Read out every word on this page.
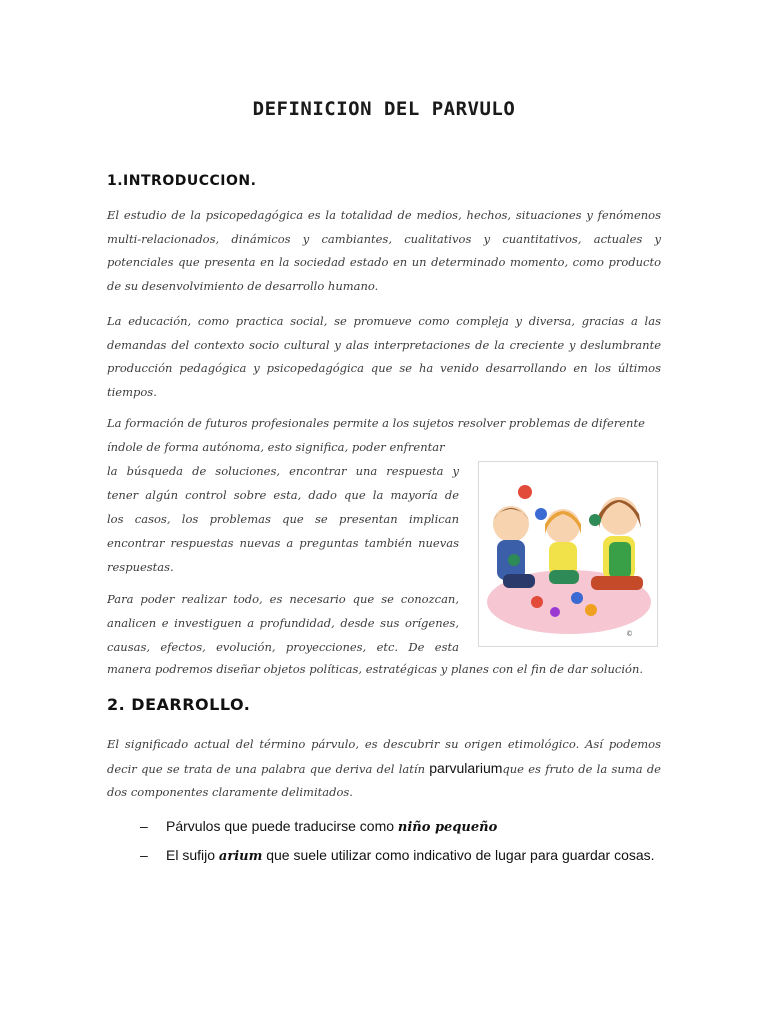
DEFINICION DEL PARVULO
1.INTRODUCCION.

El estudio de la psicopedagógica es la totalidad de medios, hechos, situaciones y fenómenos multi-relacionados, dinámicos y cambiantes, cualitativos y cuantitativos, actuales y potenciales que presenta en la sociedad estado en un determinado momento, como producto de su desenvolvimiento de desarrollo humano.

La educación, como practica social, se promueve como compleja y diversa, gracias a las demandas del contexto socio cultural y alas interpretaciones de la creciente y deslumbrante producción pedagógica y psicopedagógica que se ha venido desarrollando en los últimos tiempos.

La formación de futuros profesionales permite a los sujetos resolver problemas de diferente
índole de forma autónoma, esto significa, poder enfrentar
la búsqueda de soluciones, encontrar una respuesta y
tener algún control sobre esta, dado que la mayoría de
los casos, los problemas que se presentan implican
encontrar respuestas nuevas a preguntas también nuevas
respuestas.
Para poder realizar todo, es necesario que se conozcan,
analicen e investiguen a profundidad, desde sus orígenes,
causas, efectos, evolución, proyecciones, etc. De esta
manera podremos diseñar objetos políticas, estratégicas y planes con el fin de dar solución.
©
2. DEARROLLO.

El significado actual del término párvulo, es descubrir su origen etimológico. Así podemos decir que se trata de una palabra que deriva del latín parvulariumque es fruto de la suma de dos componentes claramente delimitados.

– Párvulos que puede traducirse como niño pequeño
– El sufijo arium que suele utilizar como indicativo de lugar para guardar cosas.
